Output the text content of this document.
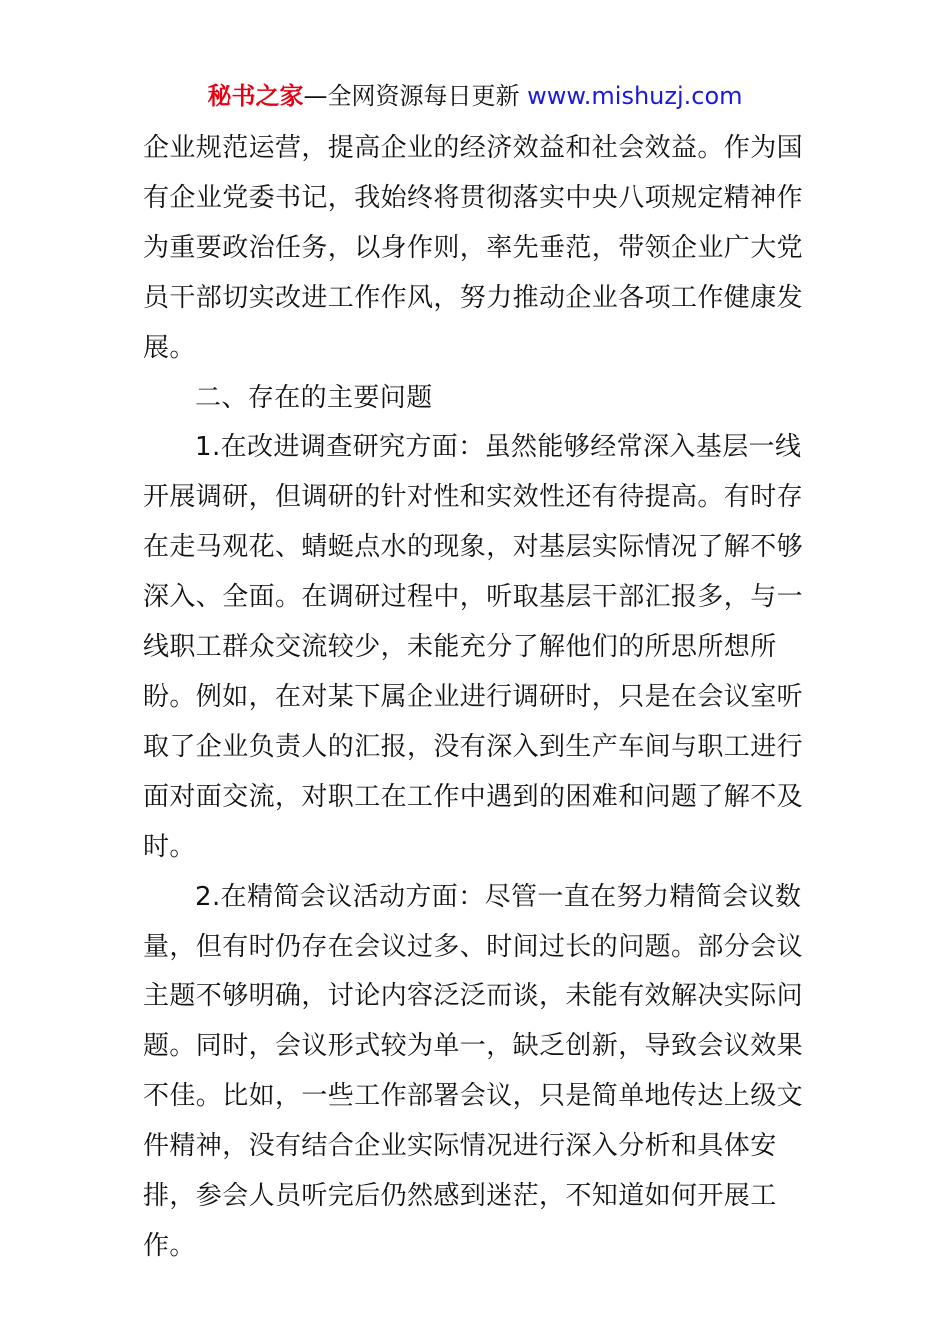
秘书之家—全网资源每日更新 www.mishuzj.com

企业规范运营，提高企业的经济效益和社会效益。作为国有企业党委书记，我始终将贯彻落实中央八项规定精神作为重要政治任务，以身作则，率先垂范，带领企业广大党员干部切实改进工作作风，努力推动企业各项工作健康发展。

二、存在的主要问题

1.在改进调查研究方面：虽然能够经常深入基层一线开展调研，但调研的针对性和实效性还有待提高。有时存在走马观花、蜻蜓点水的现象，对基层实际情况了解不够深入、全面。在调研过程中，听取基层干部汇报多，与一线职工群众交流较少，未能充分了解他们的所思所想所盼。例如，在对某下属企业进行调研时，只是在会议室听取了企业负责人的汇报，没有深入到生产车间与职工进行面对面交流，对职工在工作中遇到的困难和问题了解不及时。

2.在精简会议活动方面：尽管一直在努力精简会议数量，但有时仍存在会议过多、时间过长的问题。部分会议主题不够明确，讨论内容泛泛而谈，未能有效解决实际问题。同时，会议形式较为单一，缺乏创新，导致会议效果不佳。比如，一些工作部署会议，只是简单地传达上级文件精神，没有结合企业实际情况进行深入分析和具体安排，参会人员听完后仍然感到迷茫，不知道如何开展工作。
